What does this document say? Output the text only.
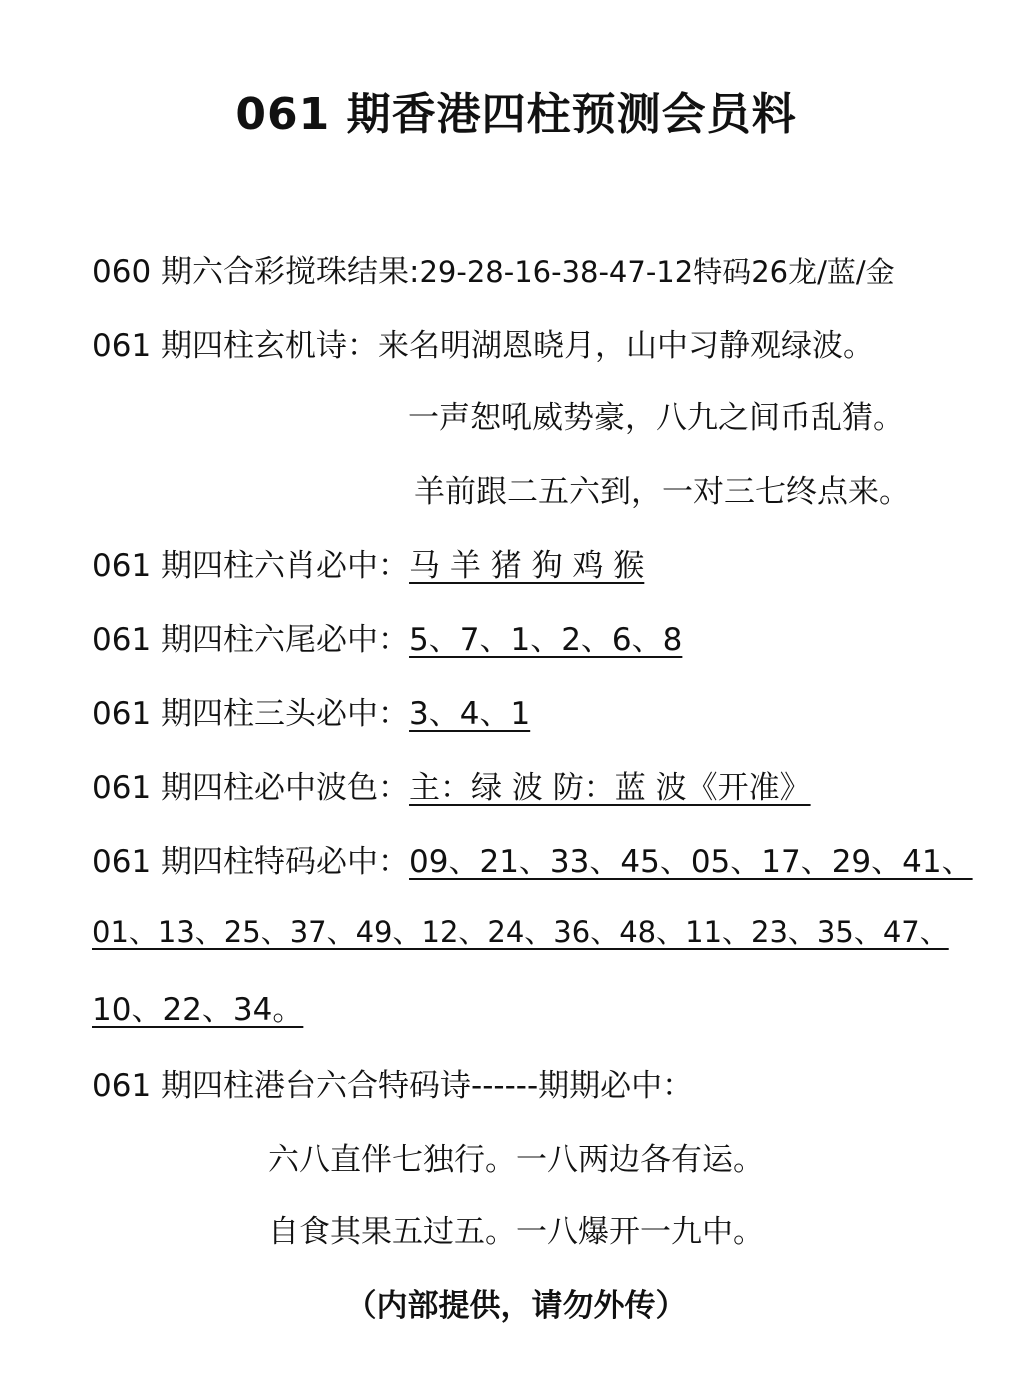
061 期香港四柱预测会员料
060 期六合彩搅珠结果:29-28-16-38-47-12特码26龙/蓝/金
061 期四柱玄机诗：来名明湖恩晓月，山中习静观绿波。
一声恕吼威势豪，八九之间币乱猜。
羊前跟二五六到，一对三七终点来。
061 期四柱六肖必中：马 羊 猪 狗 鸡 猴
061 期四柱六尾必中：5、7、1、2、6、8
061 期四柱三头必中：3、4、1
061 期四柱必中波色：主：绿 波 防：蓝 波《开准》
061 期四柱特码必中：09、21、33、45、05、17、29、41、
01、13、25、37、49、12、24、36、48、11、23、35、47、
10、22、34。
061 期四柱港台六合特码诗------期期必中：
六八直伴七独行。一八两边各有运。
自食其果五过五。一八爆开一九中。
（内部提供，请勿外传）
